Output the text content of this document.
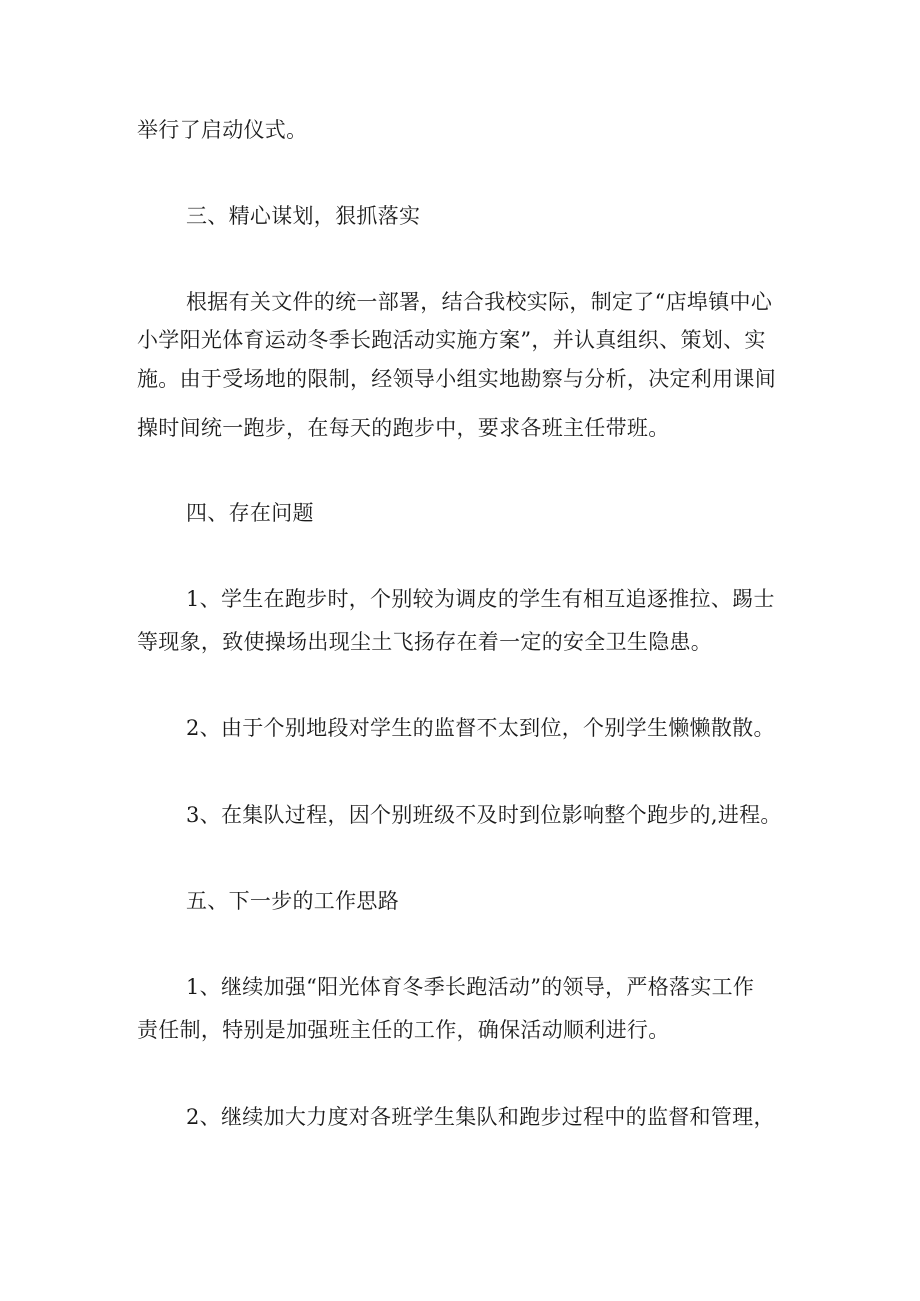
举行了启动仪式。
三、精心谋划，狠抓落实
根据有关文件的统一部署，结合我校实际，制定了“店埠镇中心
小学阳光体育运动冬季长跑活动实施方案”，并认真组织、策划、实
施。由于受场地的限制，经领导小组实地勘察与分析，决定利用课间
操时间统一跑步，在每天的跑步中，要求各班主任带班。
四、存在问题
1、学生在跑步时，个别较为调皮的学生有相互追逐推拉、踢士
等现象，致使操场出现尘土飞扬存在着一定的安全卫生隐患。
2、由于个别地段对学生的监督不太到位，个别学生懒懒散散。
3、在集队过程，因个别班级不及时到位影响整个跑步的,进程。
五、下一步的工作思路
1、继续加强“阳光体育冬季长跑活动”的领导，严格落实工作
责任制，特别是加强班主任的工作，确保活动顺利进行。
2、继续加大力度对各班学生集队和跑步过程中的监督和管理，
